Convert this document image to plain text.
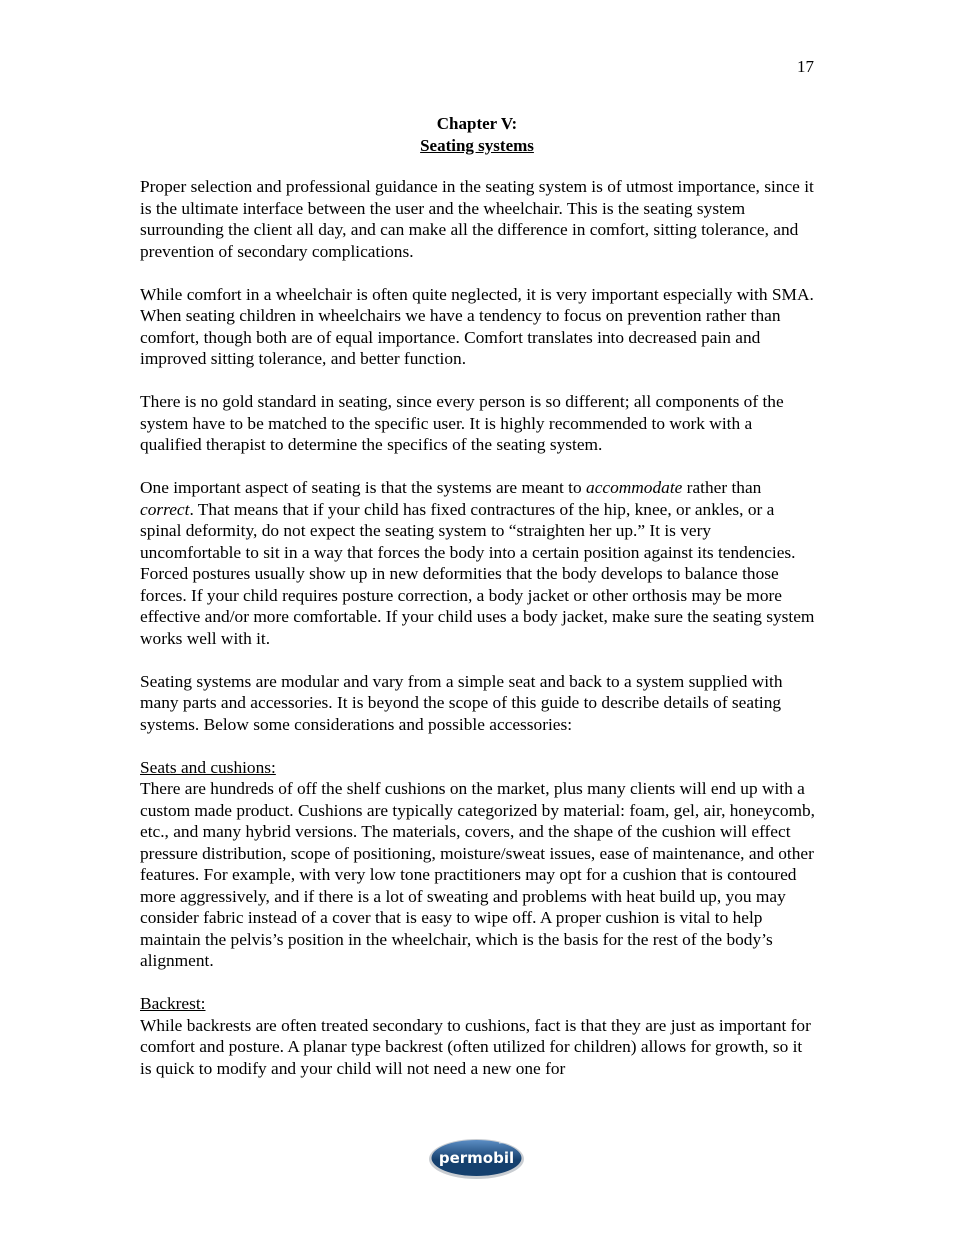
17
Chapter V:
Seating systems

Proper selection and professional guidance in the seating system is of utmost importance, since it is the ultimate interface between the user and the wheelchair. This is the seating system surrounding the client all day, and can make all the difference in comfort, sitting tolerance, and prevention of secondary complications.

While comfort in a wheelchair is often quite neglected, it is very important especially with SMA. When seating children in wheelchairs we have a tendency to focus on prevention rather than comfort, though both are of equal importance. Comfort translates into decreased pain and improved sitting tolerance, and better function.

There is no gold standard in seating, since every person is so different; all components of the system have to be matched to the specific user. It is highly recommended to work with a qualified therapist to determine the specifics of the seating system.

One important aspect of seating is that the systems are meant to accommodate rather than correct. That means that if your child has fixed contractures of the hip, knee, or ankles, or a spinal deformity, do not expect the seating system to “straighten her up.” It is very uncomfortable to sit in a way that forces the body into a certain position against its tendencies. Forced postures usually show up in new deformities that the body develops to balance those forces. If your child requires posture correction, a body jacket or other orthosis may be more effective and/or more comfortable. If your child uses a body jacket, make sure the seating system works well with it.

Seating systems are modular and vary from a simple seat and back to a system supplied with many parts and accessories. It is beyond the scope of this guide to describe details of seating systems. Below some considerations and possible accessories:

Seats and cushions:
There are hundreds of off the shelf cushions on the market, plus many clients will end up with a custom made product. Cushions are typically categorized by material: foam, gel, air, honeycomb, etc., and many hybrid versions. The materials, covers, and the shape of the cushion will effect pressure distribution, scope of positioning, moisture/sweat issues, ease of maintenance, and other features. For example, with very low tone practitioners may opt for a cushion that is contoured more aggressively, and if there is a lot of sweating and problems with heat build up, you may consider fabric instead of a cover that is easy to wipe off. A proper cushion is vital to help maintain the pelvis’s position in the wheelchair, which is the basis for the rest of the body’s alignment.

Backrest:
While backrests are often treated secondary to cushions, fact is that they are just as important for comfort and posture. A planar type backrest (often utilized for children) allows for growth, so it is quick to modify and your child will not need a new one for

permobil
